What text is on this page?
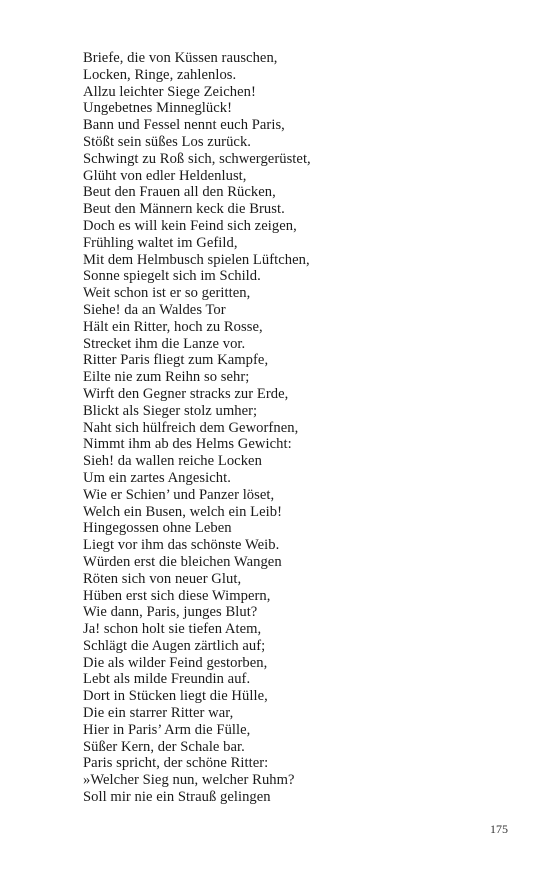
Briefe, die von Küssen rauschen,
Locken, Ringe, zahlenlos.
Allzu leichter Siege Zeichen!
Ungebetnes Minneglück!
Bann und Fessel nennt euch Paris,
Stößt sein süßes Los zurück.
Schwingt zu Roß sich, schwergerüstet,
Glüht von edler Heldenlust,
Beut den Frauen all den Rücken,
Beut den Männern keck die Brust.
Doch es will kein Feind sich zeigen,
Frühling waltet im Gefild,
Mit dem Helmbusch spielen Lüftchen,
Sonne spiegelt sich im Schild.
Weit schon ist er so geritten,
Siehe! da an Waldes Tor
Hält ein Ritter, hoch zu Rosse,
Strecket ihm die Lanze vor.
Ritter Paris fliegt zum Kampfe,
Eilte nie zum Reihn so sehr;
Wirft den Gegner stracks zur Erde,
Blickt als Sieger stolz umher;
Naht sich hülfreich dem Geworfnen,
Nimmt ihm ab des Helms Gewicht:
Sieh! da wallen reiche Locken
Um ein zartes Angesicht.
Wie er Schien’ und Panzer löset,
Welch ein Busen, welch ein Leib!
Hingegossen ohne Leben
Liegt vor ihm das schönste Weib.
Würden erst die bleichen Wangen
Röten sich von neuer Glut,
Hüben erst sich diese Wimpern,
Wie dann, Paris, junges Blut?
Ja! schon holt sie tiefen Atem,
Schlägt die Augen zärtlich auf;
Die als wilder Feind gestorben,
Lebt als milde Freundin auf.
Dort in Stücken liegt die Hülle,
Die ein starrer Ritter war,
Hier in Paris’ Arm die Fülle,
Süßer Kern, der Schale bar.
Paris spricht, der schöne Ritter:
»Welcher Sieg nun, welcher Ruhm?
Soll mir nie ein Strauß gelingen
175
